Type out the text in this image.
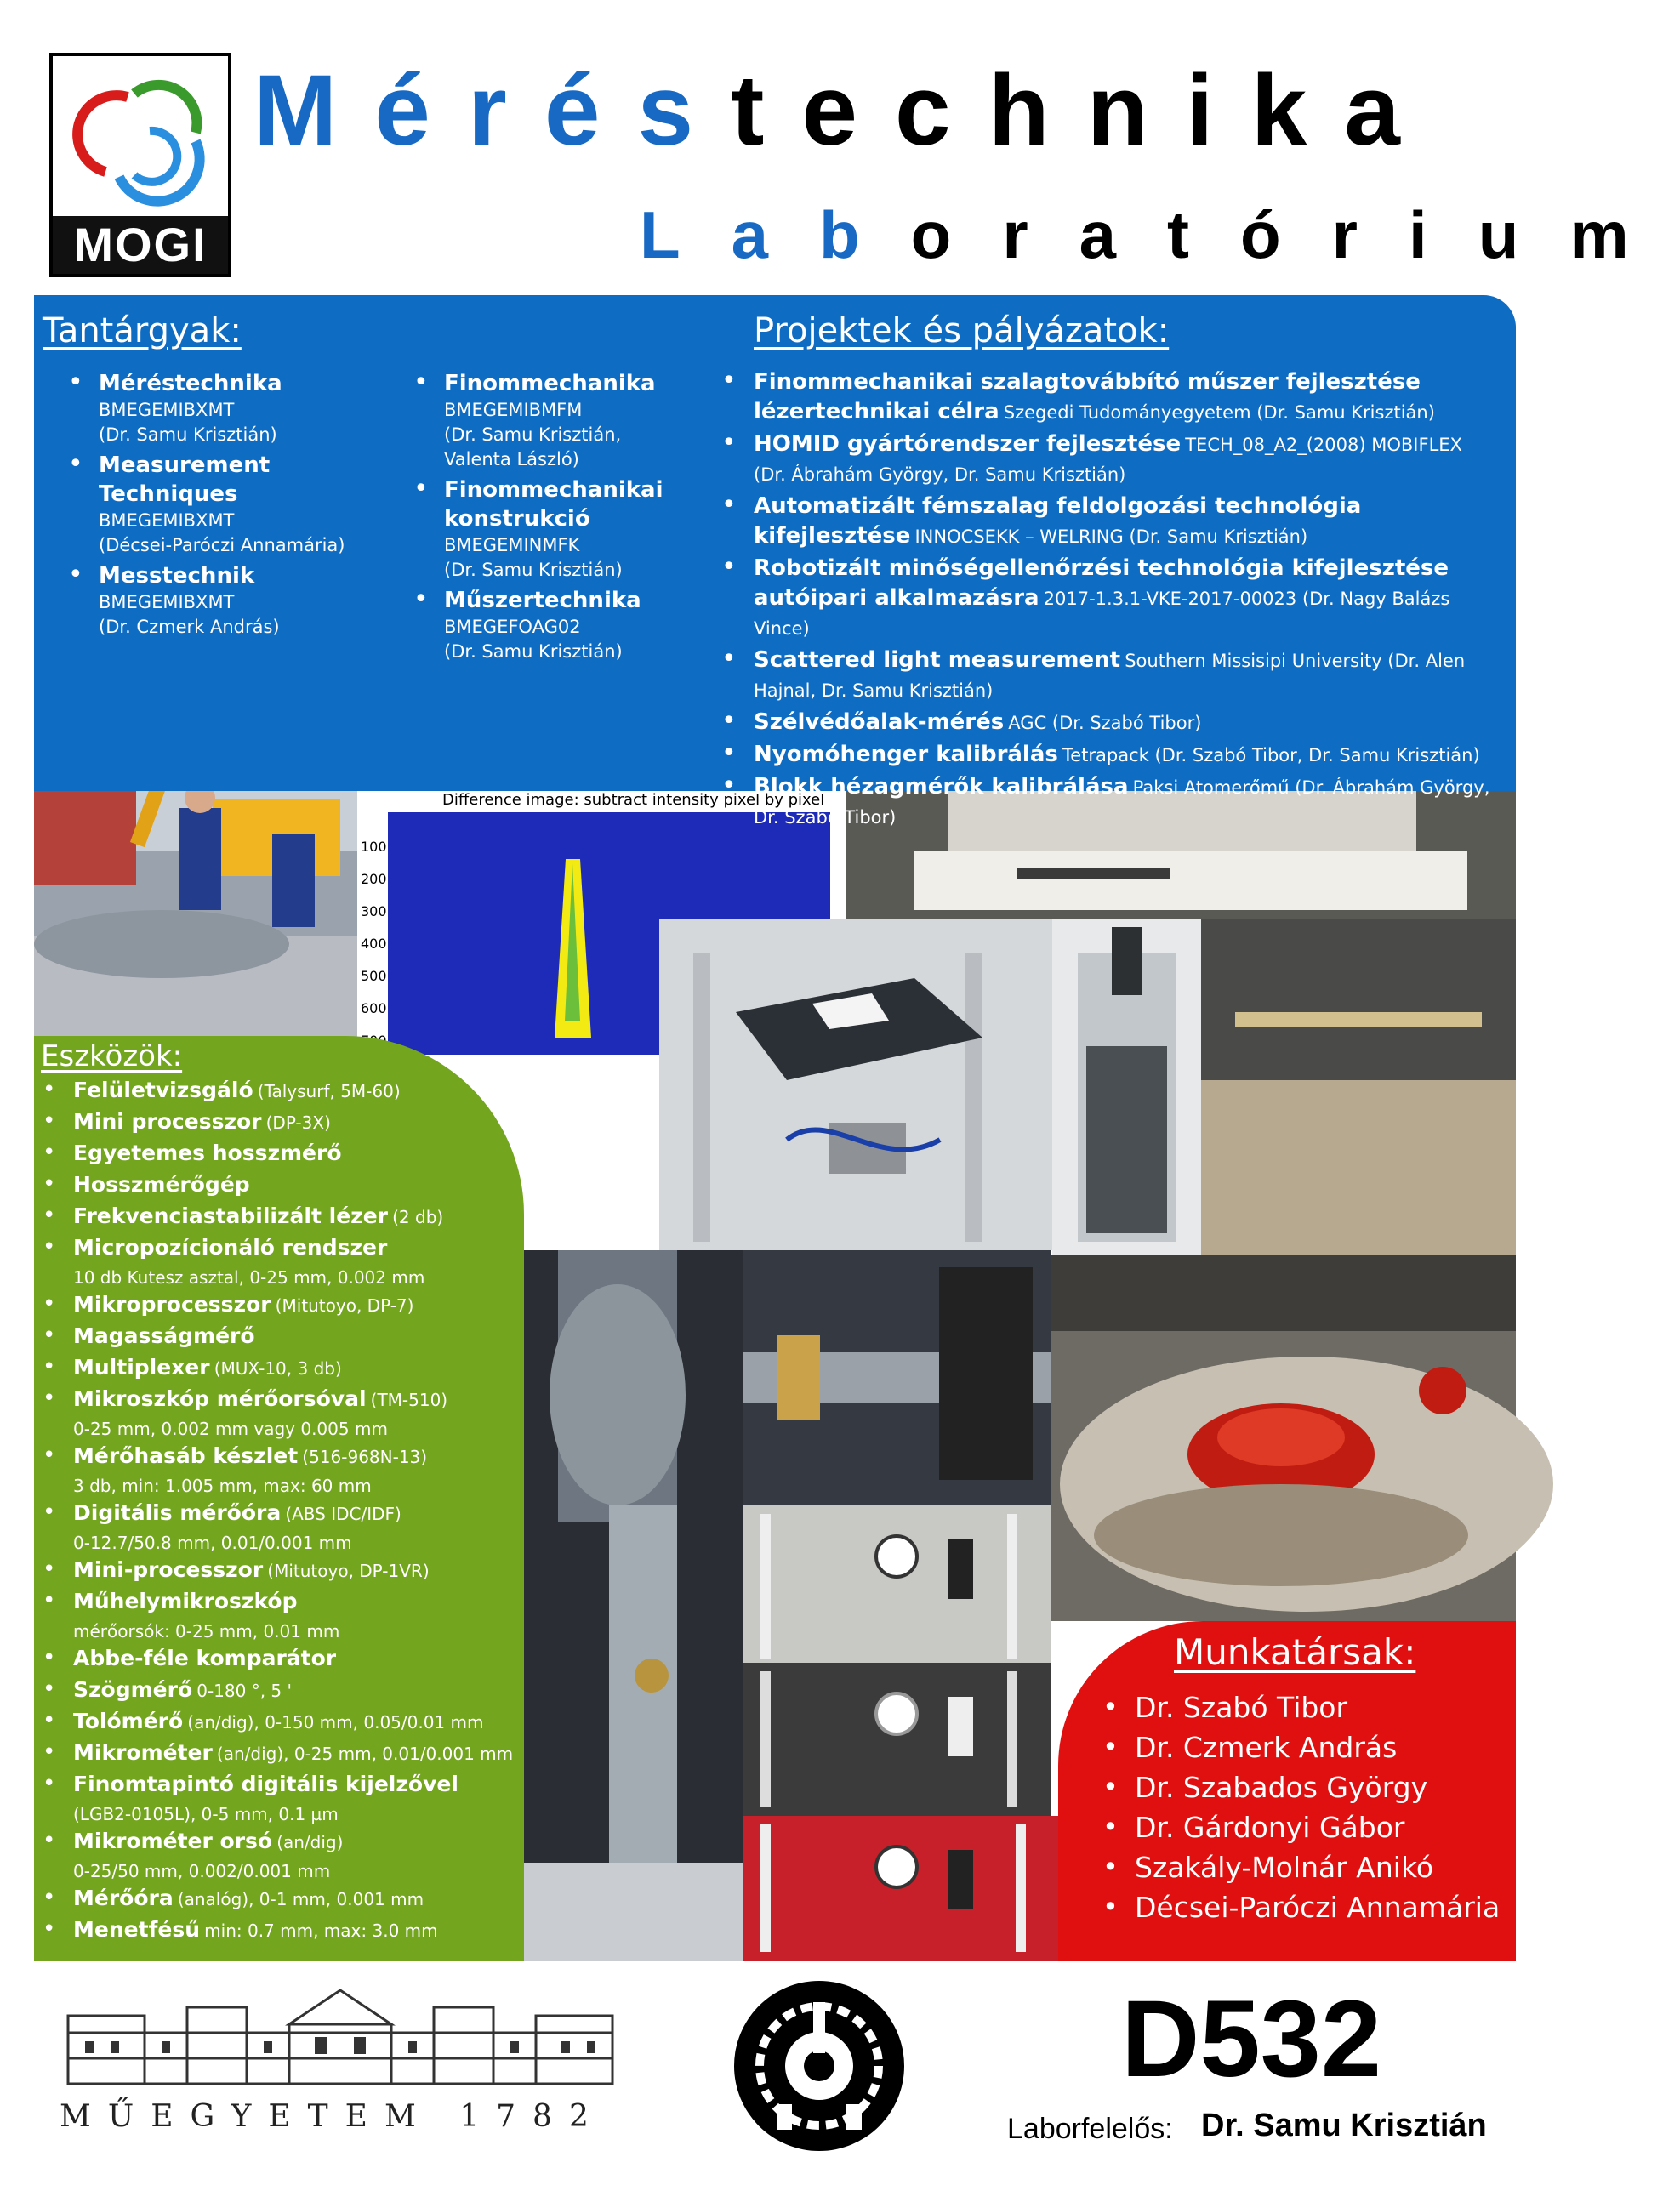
MOGI
Méréstechnika
Laboratórium
Difference image: subtract intensity pixel by pixel
100
200
300
400
500
600
Tantárgyak:
• Méréstechnika
BMEGEMIBXMT
(Dr. Samu Krisztián)
• Measurement Techniques
BMEGEMIBXMT
(Décsei-Paróczi Annamária)
• Messtechnik
BMEGEMIBXMT
(Dr. Czmerk András)
• Finommechanika
BMEGEMIBMFM
(Dr. Samu Krisztián,
Valenta László)
• Finommechanikai konstrukció
BMEGEMINMFK
(Dr. Samu Krisztián)
• Műszertechnika
BMEGEFOAG02
(Dr. Samu Krisztián)
Projektek és pályázatok:
• Finommechanikai szalagtovábbító műszer fejlesztése lézertechnikai célra Szegedi Tudományegyetem (Dr. Samu Krisztián)
• HOMID gyártórendszer fejlesztése TECH_08_A2_(2008) MOBIFLEX (Dr. Ábrahám György, Dr. Samu Krisztián)
• Automatizált fémszalag feldolgozási technológia kifejlesztése INNOCSEKK – WELRING (Dr. Samu Krisztián)
• Robotizált minőségellenőrzési technológia kifejlesztése autóipari alkalmazásra 2017-1.3.1-VKE-2017-00023 (Dr. Nagy Balázs Vince)
• Scattered light measurement Southern Missisipi University (Dr. Alen Hajnal, Dr. Samu Krisztián)
• Szélvédőalak-mérés AGC (Dr. Szabó Tibor)
• Nyomóhenger kalibrálás Tetrapack (Dr. Szabó Tibor, Dr. Samu Krisztián)
• Blokk hézagmérők kalibrálása Paksi Atomerőmű (Dr. Ábrahám György, Dr. Szabó Tibor)
Eszközök:
• Felületvizsgáló (Talysurf, 5M-60)
• Mini processzor (DP-3X)
• Egyetemes hosszmérő
• Hosszmérőgép
• Frekvenciastabilizált lézer (2 db)
• Micropozícionáló rendszer
10 db Kutesz asztal, 0-25 mm, 0.002 mm
• Mikroprocesszor (Mitutoyo, DP-7)
• Magasságmérő
• Multiplexer (MUX-10, 3 db)
• Mikroszkóp mérőorsóval (TM-510)
0-25 mm, 0.002 mm vagy 0.005 mm
• Mérőhasáb készlet (516-968N-13)
3 db, min: 1.005 mm, max: 60 mm
• Digitális mérőóra (ABS IDC/IDF)
0-12.7/50.8 mm, 0.01/0.001 mm
• Mini-processzor (Mitutoyo, DP-1VR)
• Műhelymikroszkóp
mérőorsók: 0-25 mm, 0.01 mm
• Abbe-féle komparátor
• Szögmérő 0-180 °, 5 '
• Tolómérő (an/dig), 0-150 mm, 0.05/0.01 mm
• Mikrométer (an/dig), 0-25 mm, 0.01/0.001 mm
• Finomtapintó digitális kijelzővel
(LGB2-0105L), 0-5 mm, 0.1 µm
• Mikrométer orsó (an/dig)
0-25/50 mm, 0.002/0.001 mm
• Mérőóra (analóg), 0-1 mm, 0.001 mm
• Menetfésű min: 0.7 mm, max: 3.0 mm
Munkatársak:
• Dr. Szabó Tibor
• Dr. Czmerk András
• Dr. Szabados György
• Dr. Gárdonyi Gábor
• Szakály-Molnár Anikó
• Décsei-Paróczi Annamária
MŰEGYETEM 1782
D532
Laborfelelős: Dr. Samu Krisztián
